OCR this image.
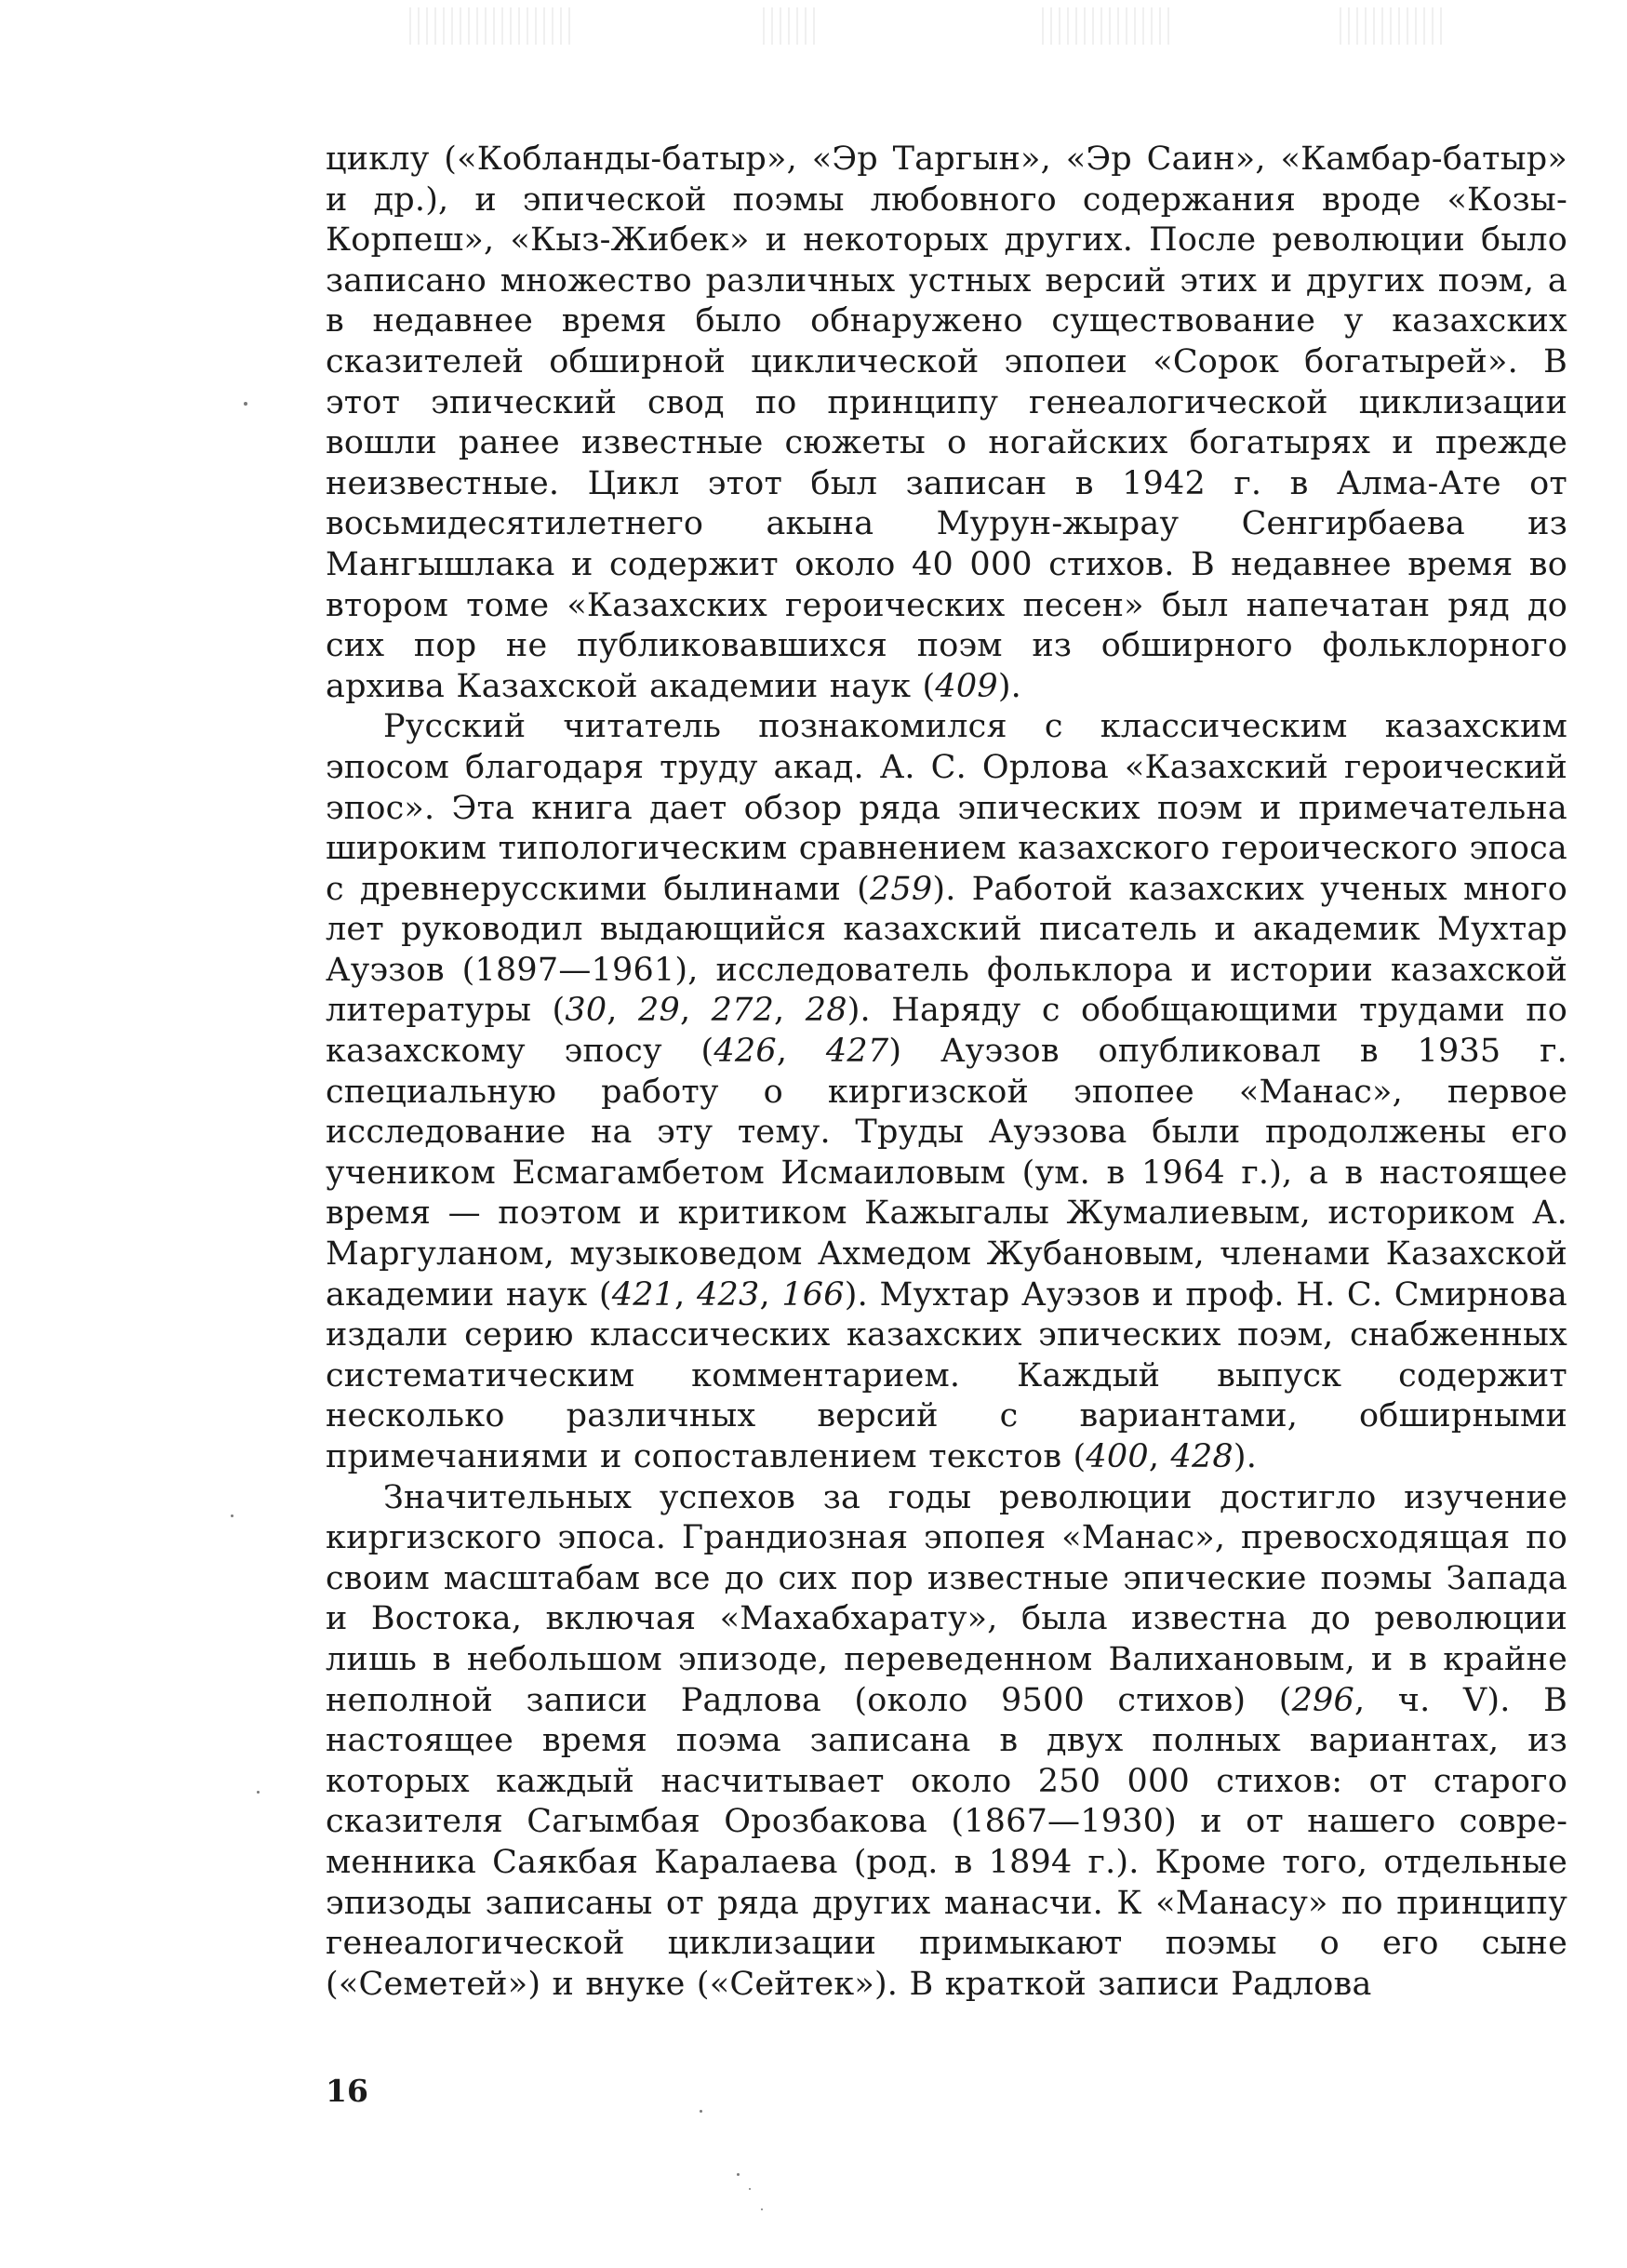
циклу («Кобланды-батыр», «Эр Таргын», «Эр Саин», «Камбар-батыр» и др.), и эпической поэмы любовного содержания вроде «Козы-Корпеш», «Кыз-Жибек» и некоторых других. После революции было записано множество различных устных версий этих и других поэм, а в недавнее время было обнаружено существование у казахских сказителей обширной циклической эпопеи «Сорок богатырей». В этот эпический свод по принципу генеалогической циклизации вошли ранее известные сюжеты о ногайских богатырях и прежде неизвестные. Цикл этот был записан в 1942 г. в Алма-Ате от восьмидесятилетнего акына Мурун-жырау Сенгирбаева из Мангышлака и содержит около 40 000 стихов. В недавнее время во втором томе «Казахских героических песен» был напечатан ряд до сих пор не публиковавшихся поэм из обширного фольклорного архива Казахской академии наук (409).

Русский читатель познакомился с классическим казахским эпосом благодаря труду акад. А. С. Орлова «Казахский героический эпос». Эта книга дает обзор ряда эпических поэм и примечательна широким типологическим сравнением казахского героического эпоса с древнерусскими былинами (259). Работой казахских ученых много лет руководил выдающийся казахский писатель и академик Мухтар Ауэзов (1897—1961), исследователь фольклора и истории казахской литературы (30, 29, 272, 28). Наряду с обобщающими трудами по казахскому эпосу (426, 427) Ауэзов опубликовал в 1935 г. специальную работу о киргизской эпопее «Манас», первое исследование на эту тему. Труды Ауэзова были продолжены его учеником Есмагамбетом Исмаиловым (ум. в 1964 г.), а в настоящее время — поэтом и критиком Кажыгалы Жумалиевым, историком А. Маргуланом, музыковедом Ахмедом Жубановым, членами Казахской академии наук (421, 423, 166). Мухтар Ауэзов и проф. Н. С. Смирнова издали серию классических казахских эпических поэм, снабженных систематическим комментарием. Каждый выпуск содержит несколько различных версий с вариантами, обширными примечаниями и сопоставлением текстов (400, 428).

Значительных успехов за годы революции достигло изучение киргизского эпоса. Грандиозная эпопея «Манас», превосходящая по своим масштабам все до сих пор известные эпические поэмы Запада и Востока, включая «Махабхарату», была известна до революции лишь в небольшом эпизоде, переведенном Валихановым, и в крайне неполной записи Радлова (около 9500 стихов) (296, ч. V). В настоящее время поэма записана в двух полных вариантах, из которых каждый насчитывает около 250 000 стихов: от старого сказителя Сагымбая Орозбакова (1867—1930) и от нашего современника Саякбая Каралаева (род. в 1894 г.). Кроме того, отдельные эпизоды записаны от ряда других манасчи. К «Манасу» по принципу генеалогической циклизации примыкают поэмы о его сыне («Семетей») и внуке («Сейтек»). В краткой записи Радлова

16
